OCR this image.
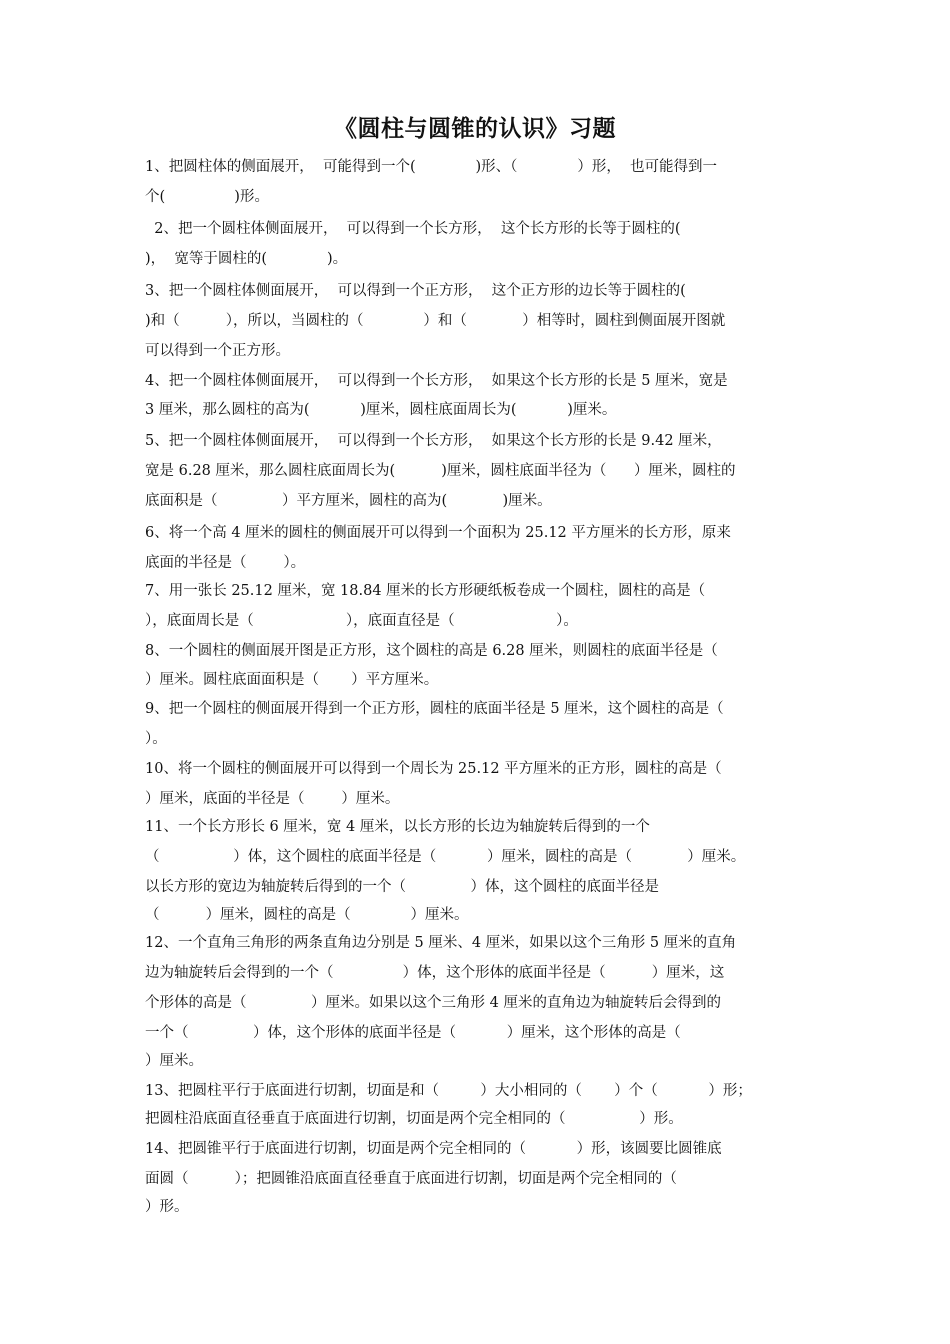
《圆柱与圆锥的认识》习题
1、把圆柱体的侧面展开，  可能得到一个(             )形、（             ）形，  也可能得到一
个(               )形。
2、把一个圆柱体侧面展开，  可以得到一个长方形，  这个长方形的长等于圆柱的(
)，  宽等于圆柱的(             )。
3、把一个圆柱体侧面展开，  可以得到一个正方形，  这个正方形的边长等于圆柱的(
)和（          ），所以，当圆柱的（             ）和（            ）相等时，圆柱到侧面展开图就
可以得到一个正方形。
4、把一个圆柱体侧面展开，  可以得到一个长方形，  如果这个长方形的长是 5 厘米，宽是
3 厘米，那么圆柱的高为(           )厘米，圆柱底面周长为(           )厘米。
5、把一个圆柱体侧面展开，  可以得到一个长方形，  如果这个长方形的长是 9.42 厘米，
宽是 6.28 厘米，那么圆柱底面周长为(          )厘米，圆柱底面半径为（      ）厘米，圆柱的
底面积是（              ）平方厘米，圆柱的高为(            )厘米。
6、将一个高 4 厘米的圆柱的侧面展开可以得到一个面积为 25.12 平方厘米的长方形，原来
底面的半径是（        ）。
7、用一张长 25.12 厘米，宽 18.84 厘米的长方形硬纸板卷成一个圆柱，圆柱的高是（
），底面周长是（                    ），底面直径是（                      ）。
8、一个圆柱的侧面展开图是正方形，这个圆柱的高是 6.28 厘米，则圆柱的底面半径是（
）厘米。圆柱底面面积是（       ）平方厘米。
9、把一个圆柱的侧面展开得到一个正方形，圆柱的底面半径是 5 厘米，这个圆柱的高是（
）。
10、将一个圆柱的侧面展开可以得到一个周长为 25.12 平方厘米的正方形，圆柱的高是（
）厘米，底面的半径是（        ）厘米。
11、一个长方形长 6 厘米，宽 4 厘米，以长方形的长边为轴旋转后得到的一个
（                ）体，这个圆柱的底面半径是（           ）厘米，圆柱的高是（            ）厘米。
以长方形的宽边为轴旋转后得到的一个（              ）体，这个圆柱的底面半径是
（          ）厘米，圆柱的高是（             ）厘米。
12、一个直角三角形的两条直角边分别是 5 厘米、4 厘米，如果以这个三角形 5 厘米的直角
边为轴旋转后会得到的一个（               ）体，这个形体的底面半径是（          ）厘米，这
个形体的高是（              ）厘米。如果以这个三角形 4 厘米的直角边为轴旋转后会得到的
一个（              ）体，这个形体的底面半径是（           ）厘米，这个形体的高是（
）厘米。
13、把圆柱平行于底面进行切割，切面是和（         ）大小相同的（       ）个（           ）形；
把圆柱沿底面直径垂直于底面进行切割，切面是两个完全相同的（                ）形。
14、把圆锥平行于底面进行切割，切面是两个完全相同的（           ）形，该圆要比圆锥底
面圆（          ）；把圆锥沿底面直径垂直于底面进行切割，切面是两个完全相同的（
）形。
